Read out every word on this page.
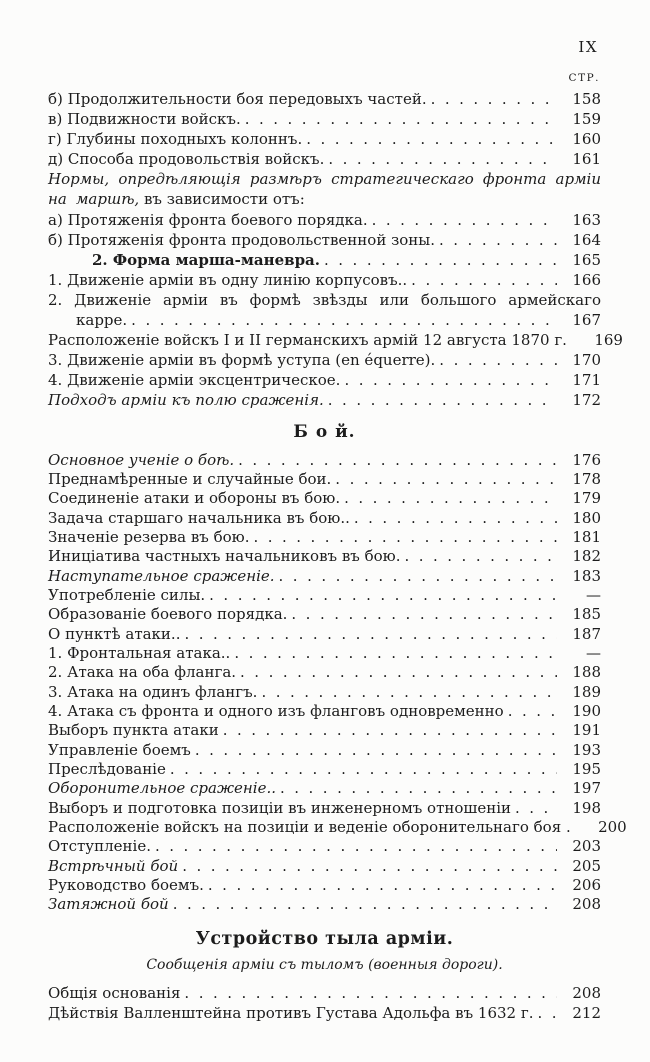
IX
СТР.
б) Продолжительности боя передовыхъ частей. .....	158
в) Подвижности войскъ. .....	159
г) Глубины походныхъ колоннъ. .....	160
д) Способа продовольствія войскъ. .....	161
Нормы, опредѣляющія размѣръ стратегическаго фронта арміи на маршѣ, въ зависимости отъ:
а) Протяженія фронта боевого порядка. .....	163
б) Протяженія фронта продовольственной зоны. .....	164
2. Форма марша-маневра. .....	165
1. Движеніе арміи въ одну линію корпусовъ.. .....	166
2. Движеніе арміи въ формѣ звѣзды или большого армейскаго
карре. .....	167
Расположеніе войскъ I и II германскихъ армій 12 августа 1870 г.	169
3. Движеніе арміи въ формѣ уступа (en équerre). .....	170
4. Движеніе арміи эксцентрическое. .....	171
Подходъ арміи къ полю сраженія. .....	172
Б о й.
Основное ученіе о боѣ. .....	176
Преднамѣренные и случайные бои. .....	178
Соединеніе атаки и обороны въ бою. .....	179
Задача старшаго начальника въ бою.. .....	180
Значеніе резерва въ бою. .....	181
Иниціатива частныхъ начальниковъ въ бою. .....	182
Наступательное сраженіе. .....	183
Употребленіе силы. .....	—
Образованіе боевого порядка. .....	185
О пунктѣ атаки.. .....	187
1. Фронтальная атака.. .....	—
2. Атака на оба фланга. .....	188
3. Атака на одинъ флангъ. .....	189
4. Атака съ фронта и одного изъ фланговъ одновременно .....	190
Выборъ пункта атаки .....	191
Управленіе боемъ .....	193
Преслѣдованіе .....	195
Оборонительное сраженіе.. .....	197
Выборъ и подготовка позиціи въ инженерномъ отношеніи .....	198
Расположеніе войскъ на позиціи и веденіе оборонительнаго боя .	200
Отступленіе. .....	203
Встрѣчный бой .....	205
Руководство боемъ. .....	206
Затяжной бой .....	208
Устройство тыла арміи.
Сообщенія арміи съ тыломъ (военныя дороги).
Общія основанія .....	208
Дѣйствія Валленштейна противъ Густава Адольфа въ 1632 г. .....	212
